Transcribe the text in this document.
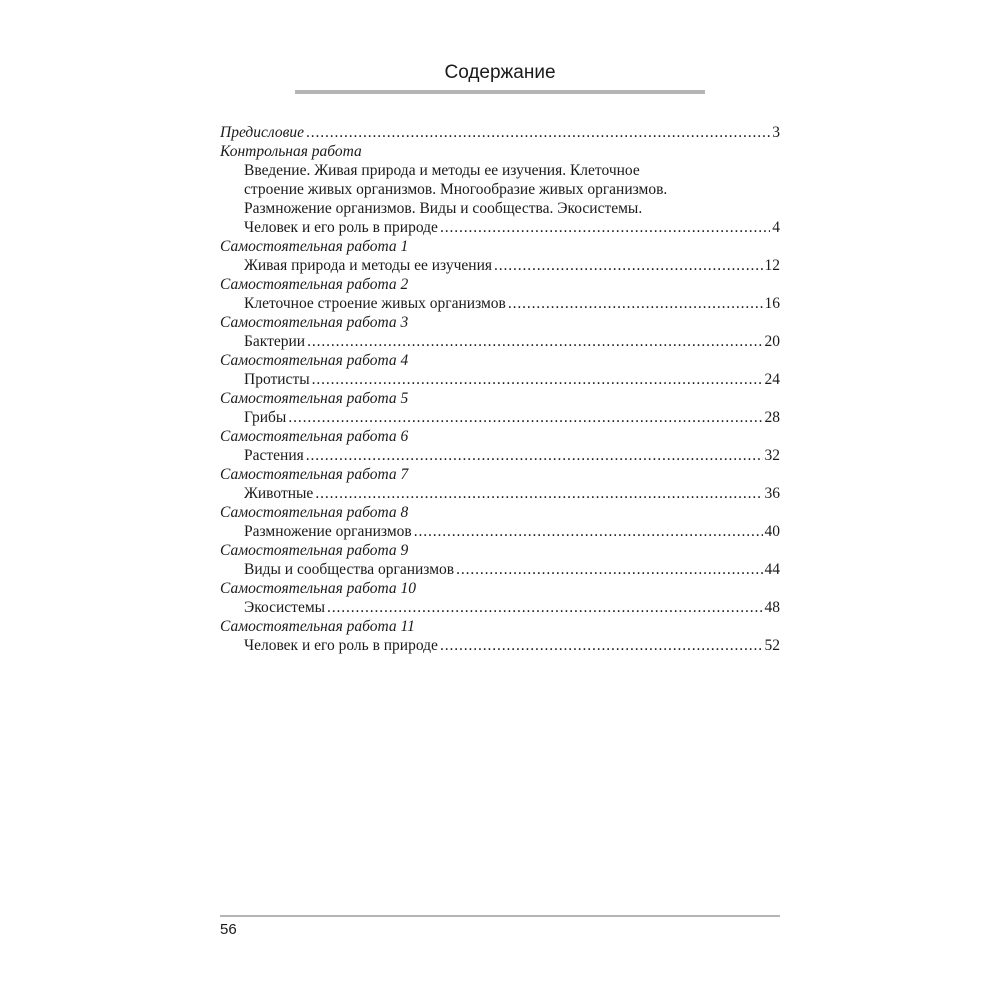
Содержание
Предисловие . . .	3
Контрольная работа
Введение. Живая природа и методы ее изучения. Клеточное
строение живых организмов. Многообразие живых организмов.
Размножение организмов. Виды и сообщества. Экосистемы.
Человек и его роль в природе . . .	4
Самостоятельная работа 1
Живая природа и методы ее изучения . . .	12
Самостоятельная работа 2
Клеточное строение живых организмов . . .	16
Самостоятельная работа 3
Бактерии . . .	20
Самостоятельная работа 4
Протисты . . .	24
Самостоятельная работа 5
Грибы . . .	28
Самостоятельная работа 6
Растения . . .	32
Самостоятельная работа 7
Животные . . .	36
Самостоятельная работа 8
Размножение организмов . . .	40
Самостоятельная работа 9
Виды и сообщества организмов . . .	44
Самостоятельная работа 10
Экосистемы . . .	48
Самостоятельная работа 11
Человек и его роль в природе . . .	52
56
